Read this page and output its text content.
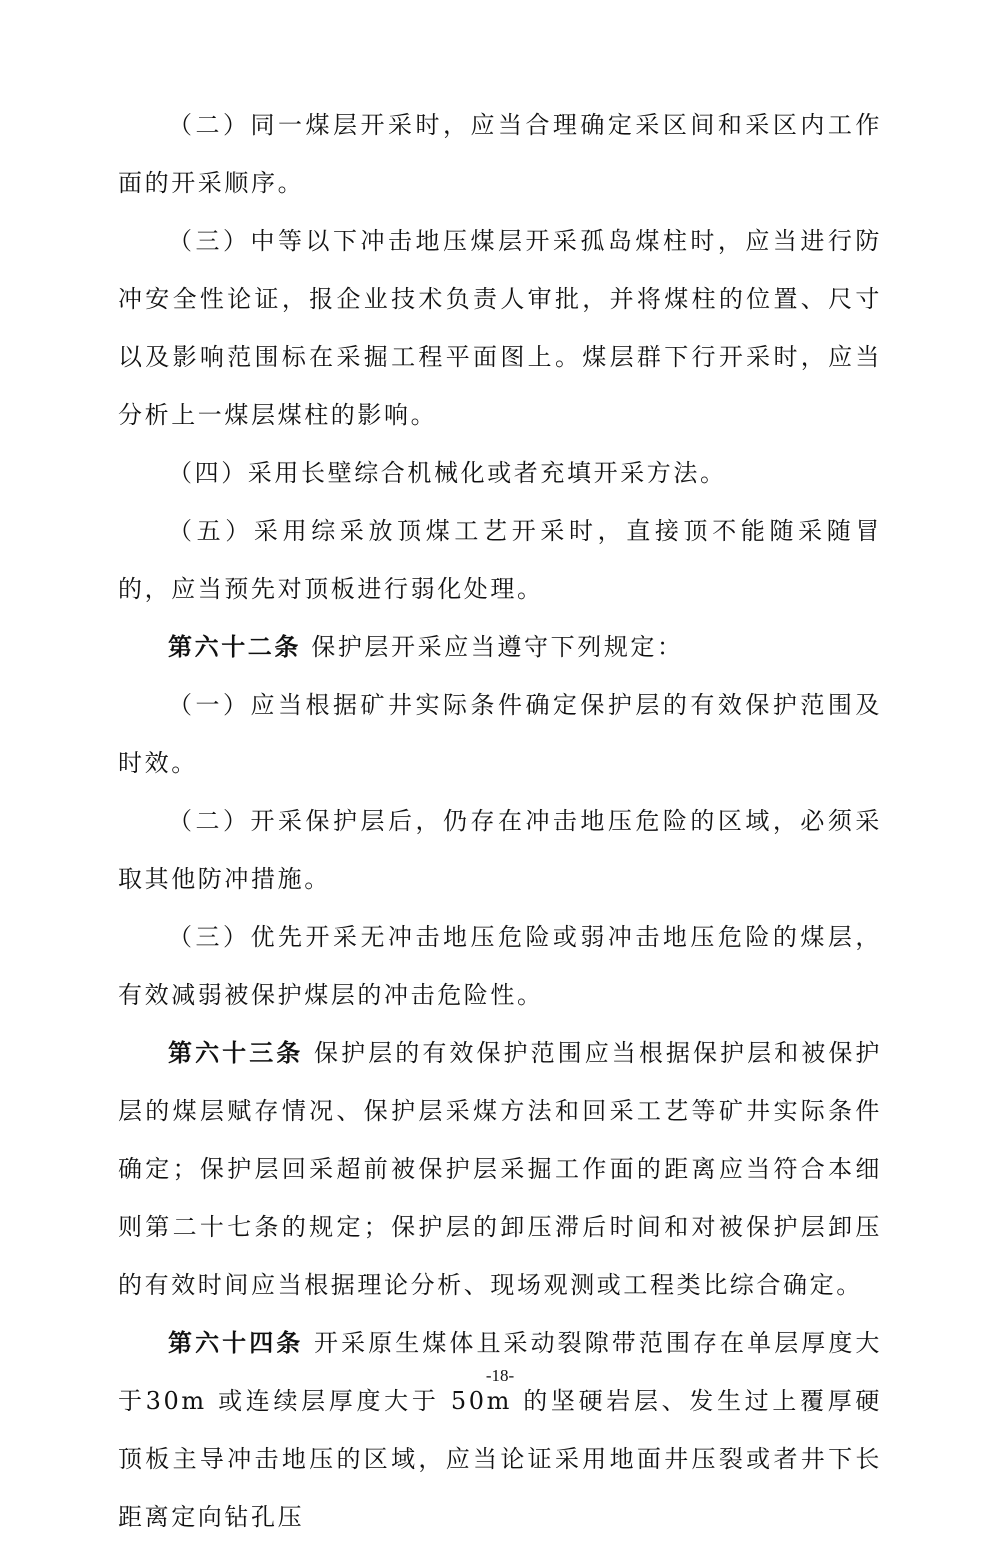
（二）同一煤层开采时，应当合理确定采区间和采区内工作面的开采顺序。

（三）中等以下冲击地压煤层开采孤岛煤柱时，应当进行防冲安全性论证，报企业技术负责人审批，并将煤柱的位置、尺寸以及影响范围标在采掘工程平面图上。煤层群下行开采时，应当分析上一煤层煤柱的影响。

（四）采用长壁综合机械化或者充填开采方法。

（五）采用综采放顶煤工艺开采时，直接顶不能随采随冒的，应当预先对顶板进行弱化处理。

第六十二条 保护层开采应当遵守下列规定：

（一）应当根据矿井实际条件确定保护层的有效保护范围及时效。

（二）开采保护层后，仍存在冲击地压危险的区域，必须采取其他防冲措施。

（三）优先开采无冲击地压危险或弱冲击地压危险的煤层，有效减弱被保护煤层的冲击危险性。

第六十三条 保护层的有效保护范围应当根据保护层和被保护层的煤层赋存情况、保护层采煤方法和回采工艺等矿井实际条件确定；保护层回采超前被保护层采掘工作面的距离应当符合本细则第二十七条的规定；保护层的卸压滞后时间和对被保护层卸压的有效时间应当根据理论分析、现场观测或工程类比综合确定。

第六十四条 开采原生煤体且采动裂隙带范围存在单层厚度大于30m 或连续层厚度大于 50m 的坚硬岩层、发生过上覆厚硬顶板主导冲击地压的区域，应当论证采用地面井压裂或者井下长距离定向钻孔压

-18-
